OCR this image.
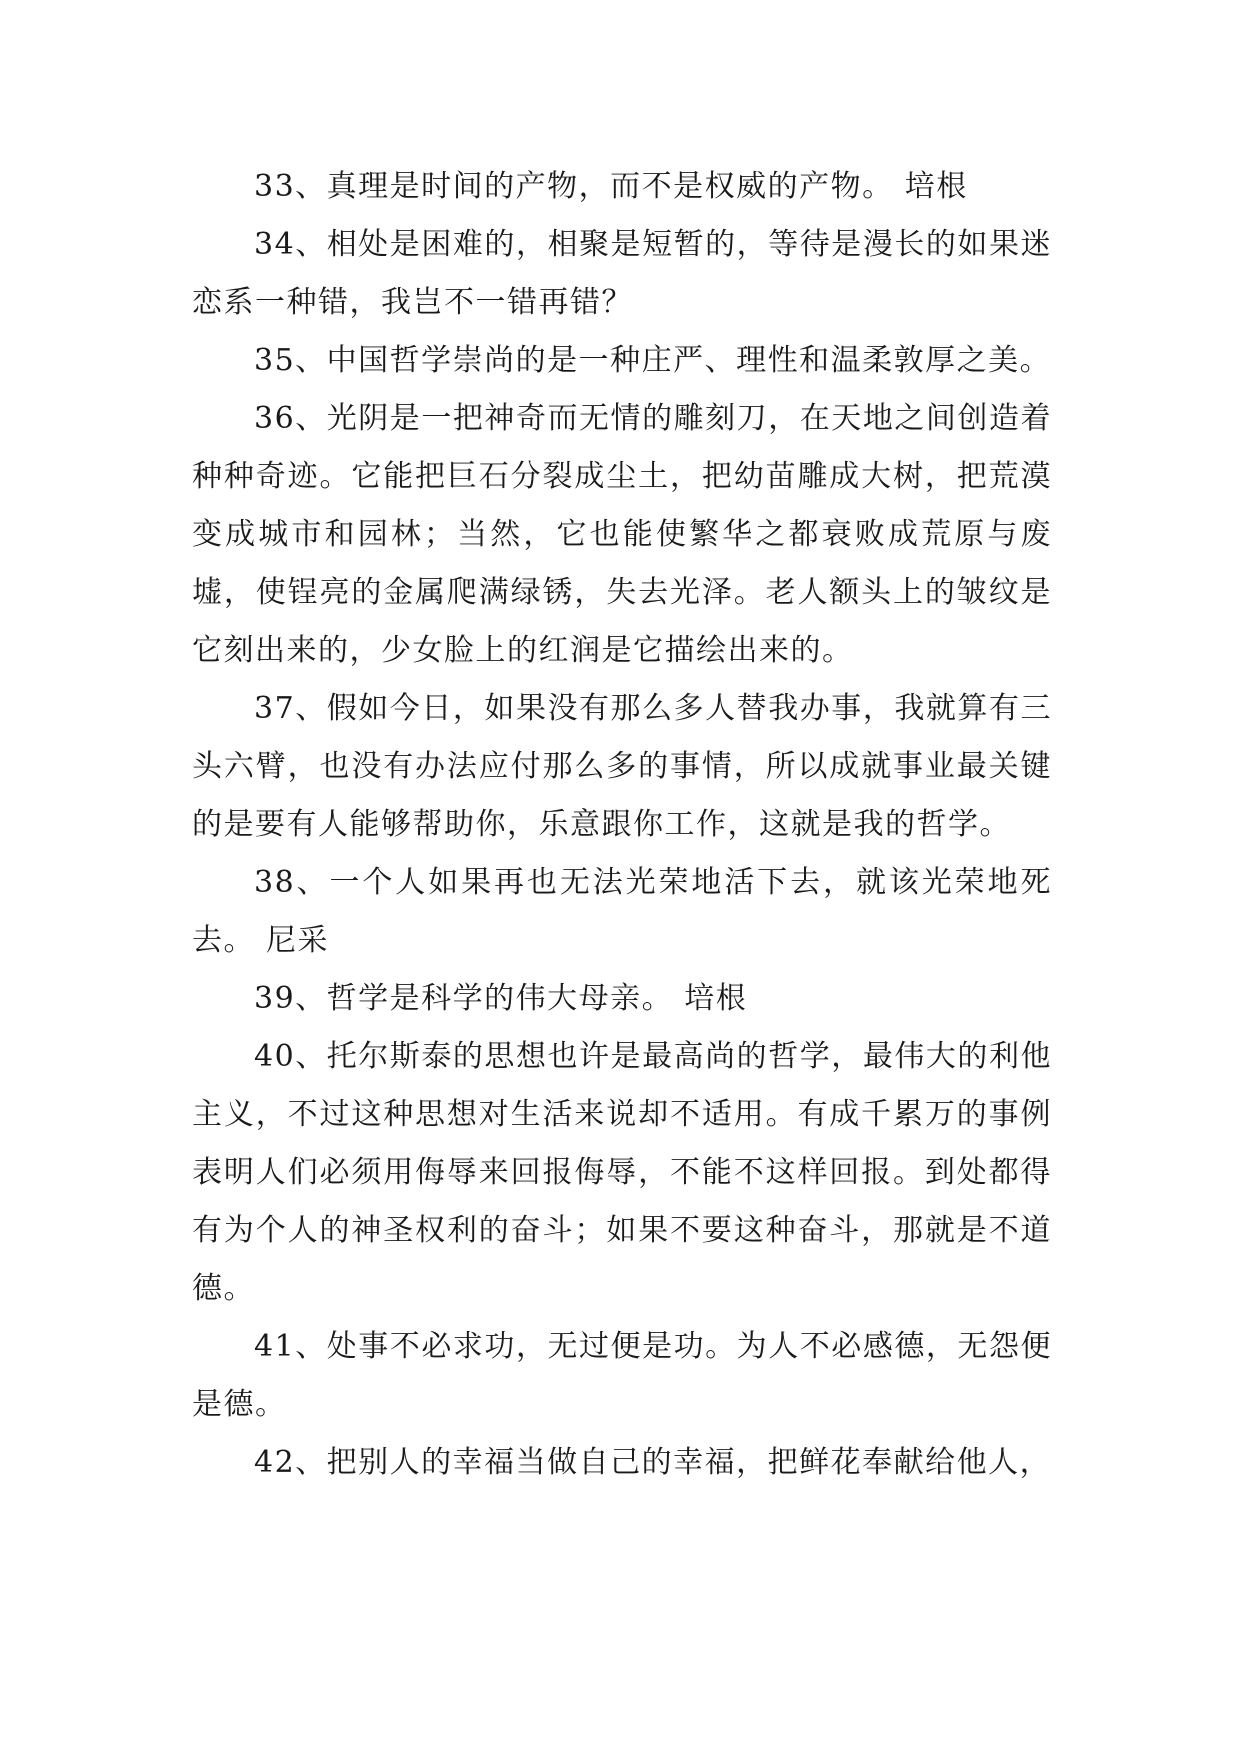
33、真理是时间的产物，而不是权威的产物。 培根

34、相处是困难的，相聚是短暂的，等待是漫长的如果迷恋系一种错，我岂不一错再错？

35、中国哲学崇尚的是一种庄严、理性和温柔敦厚之美。

36、光阴是一把神奇而无情的雕刻刀，在天地之间创造着种种奇迹。它能把巨石分裂成尘土，把幼苗雕成大树，把荒漠变成城市和园林；当然，它也能使繁华之都衰败成荒原与废墟，使锃亮的金属爬满绿锈，失去光泽。老人额头上的皱纹是它刻出来的，少女脸上的红润是它描绘出来的。

37、假如今日，如果没有那么多人替我办事，我就算有三头六臂，也没有办法应付那么多的事情，所以成就事业最关键的是要有人能够帮助你，乐意跟你工作，这就是我的哲学。

38、一个人如果再也无法光荣地活下去，就该光荣地死去。 尼采

39、哲学是科学的伟大母亲。 培根

40、托尔斯泰的思想也许是最高尚的哲学，最伟大的利他主义，不过这种思想对生活来说却不适用。有成千累万的事例表明人们必须用侮辱来回报侮辱，不能不这样回报。到处都得有为个人的神圣权利的奋斗；如果不要这种奋斗，那就是不道德。

41、处事不必求功，无过便是功。为人不必感德，无怨便是德。

42、把别人的幸福当做自己的幸福，把鲜花奉献给他人，
